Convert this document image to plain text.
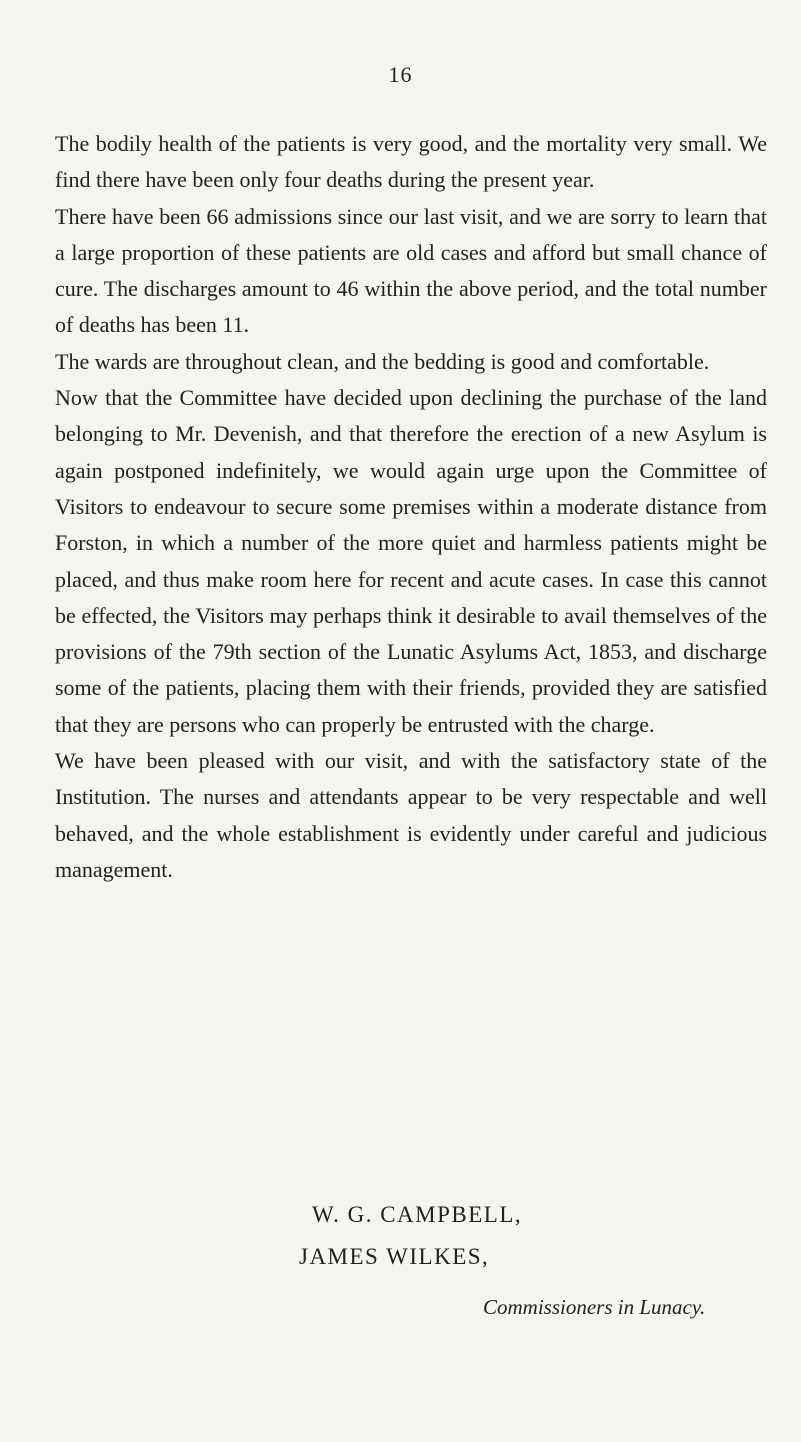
16

The bodily health of the patients is very good, and the mortality very small. We find there have been only four deaths during the present year.

There have been 66 admissions since our last visit, and we are sorry to learn that a large proportion of these patients are old cases and afford but small chance of cure. The discharges amount to 46 within the above period, and the total number of deaths has been 11.

The wards are throughout clean, and the bedding is good and comfortable.

Now that the Committee have decided upon declining the purchase of the land belonging to Mr. Devenish, and that therefore the erection of a new Asylum is again postponed indefinitely, we would again urge upon the Committee of Visitors to endeavour to secure some premises within a moderate distance from Forston, in which a number of the more quiet and harmless patients might be placed, and thus make room here for recent and acute cases. In case this cannot be effected, the Visitors may perhaps think it desirable to avail themselves of the provisions of the 79th section of the Lunatic Asylums Act, 1853, and discharge some of the patients, placing them with their friends, provided they are satisfied that they are persons who can properly be entrusted with the charge.

We have been pleased with our visit, and with the satisfactory state of the Institution. The nurses and attendants appear to be very respectable and well behaved, and the whole establishment is evidently under careful and judicious management.

W. G. CAMPBELL,
JAMES WILKES,
Commissioners in Lunacy.
